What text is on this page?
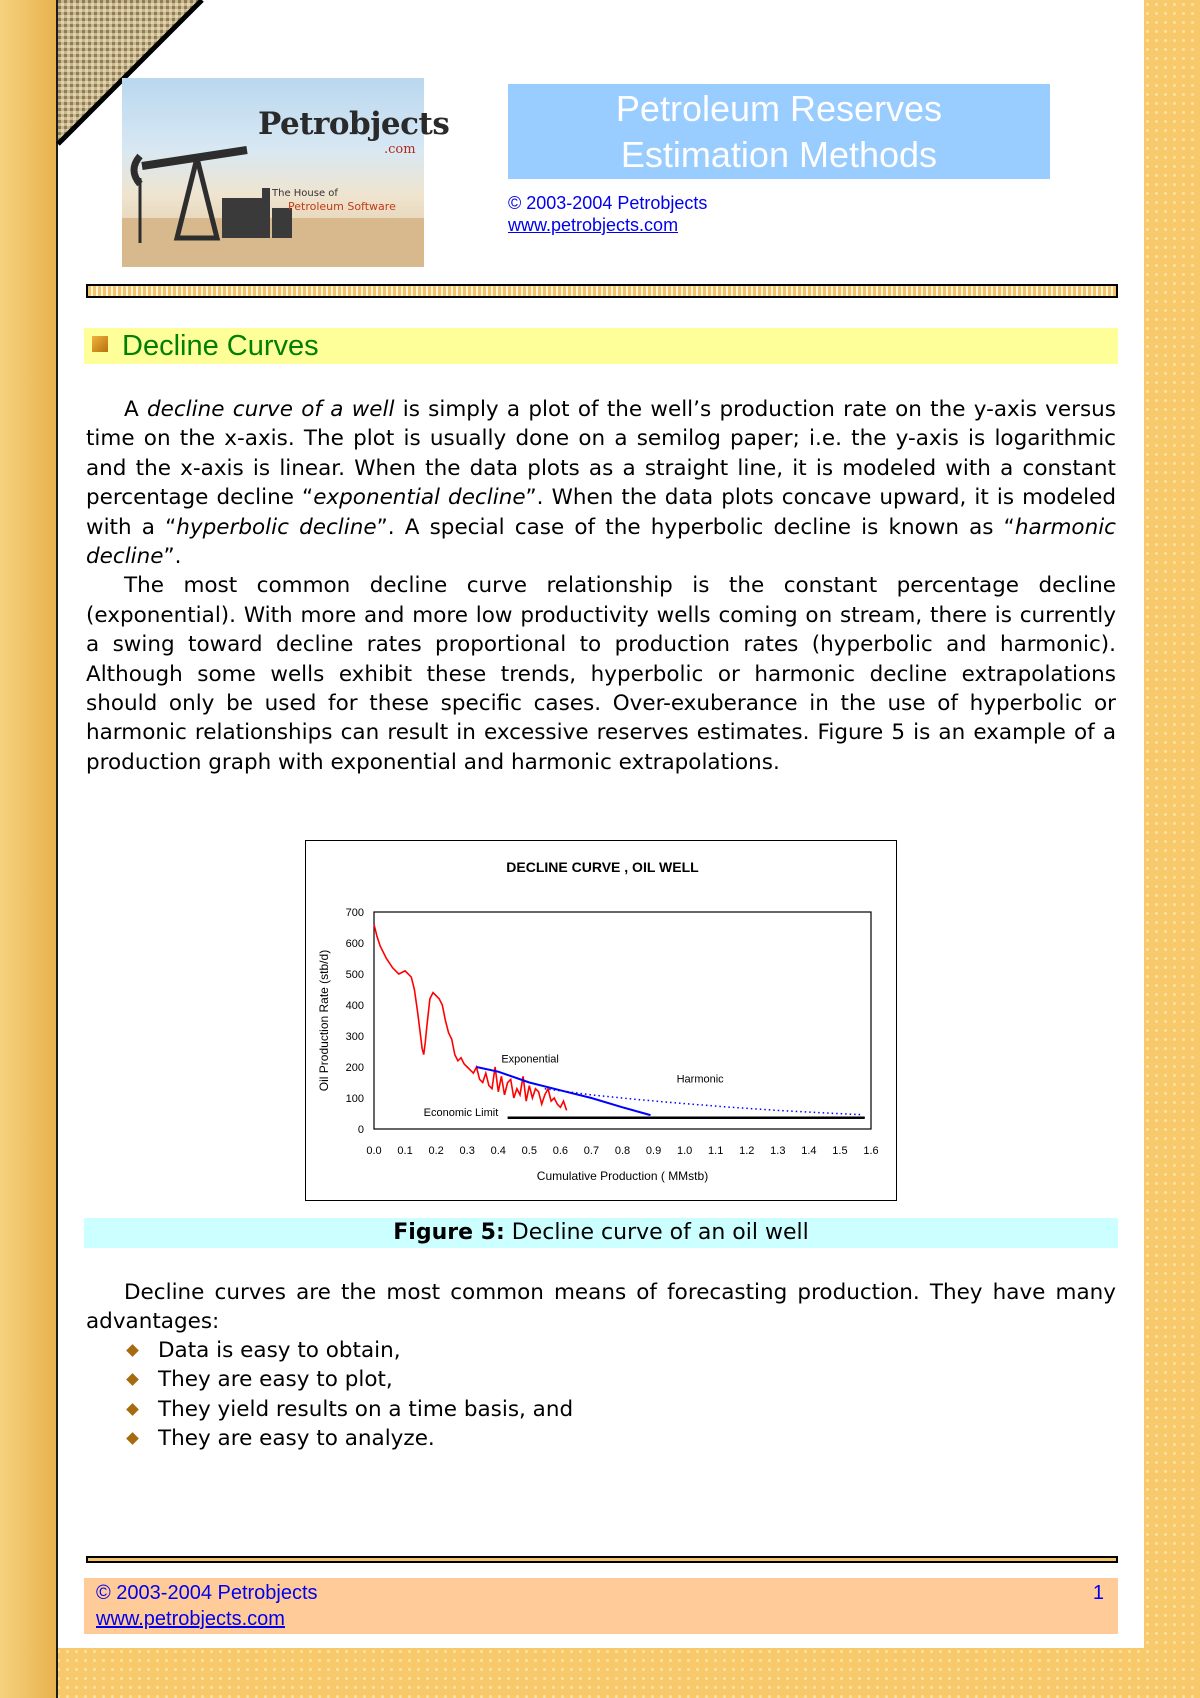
Petrobjects
.com
The House of
Petroleum Software
Petroleum Reserves
Estimation Methods
© 2003-2004 Petrobjects
www.petrobjects.com
Decline Curves

A decline curve of a well is simply a plot of the well’s production rate on the y-axis versus time on the x-axis. The plot is usually done on a semilog paper; i.e. the y-axis is logarithmic and the x-axis is linear. When the data plots as a straight line, it is modeled with a constant percentage decline “exponential decline”. When the data plots concave upward, it is modeled with a “hyperbolic decline”. A special case of the hyperbolic decline is known as “harmonic decline”.

The most common decline curve relationship is the constant percentage decline (exponential). With more and more low productivity wells coming on stream, there is currently a swing toward decline rates proportional to production rates (hyperbolic and harmonic). Although some wells exhibit these trends, hyperbolic or harmonic decline extrapolations should only be used for these specific cases. Over-exuberance in the use of hyperbolic or harmonic relationships can result in excessive reserves estimates. Figure 5 is an example of a production graph with exponential and harmonic extrapolations.

DECLINE CURVE , OIL WELL
0
100
200
300
400
500
600
700
0.0 0.1 0.2 0.3 0.4 0.5 0.6 0.7 0.8 0.9 1.0 1.1 1.2 1.3 1.4 1.5 1.6
Cumulative Production ( MMstb)
Oil Production Rate (stb/d)	Exponential
Harmonic
Economic Limit
Figure 5: Decline curve of an oil well

Decline curves are the most common means of forecasting production. They have many advantages:

Data is easy to obtain,
They are easy to plot,
They yield results on a time basis, and
They are easy to analyze.
© 2003-2004 Petrobjects
www.petrobjects.com
1
